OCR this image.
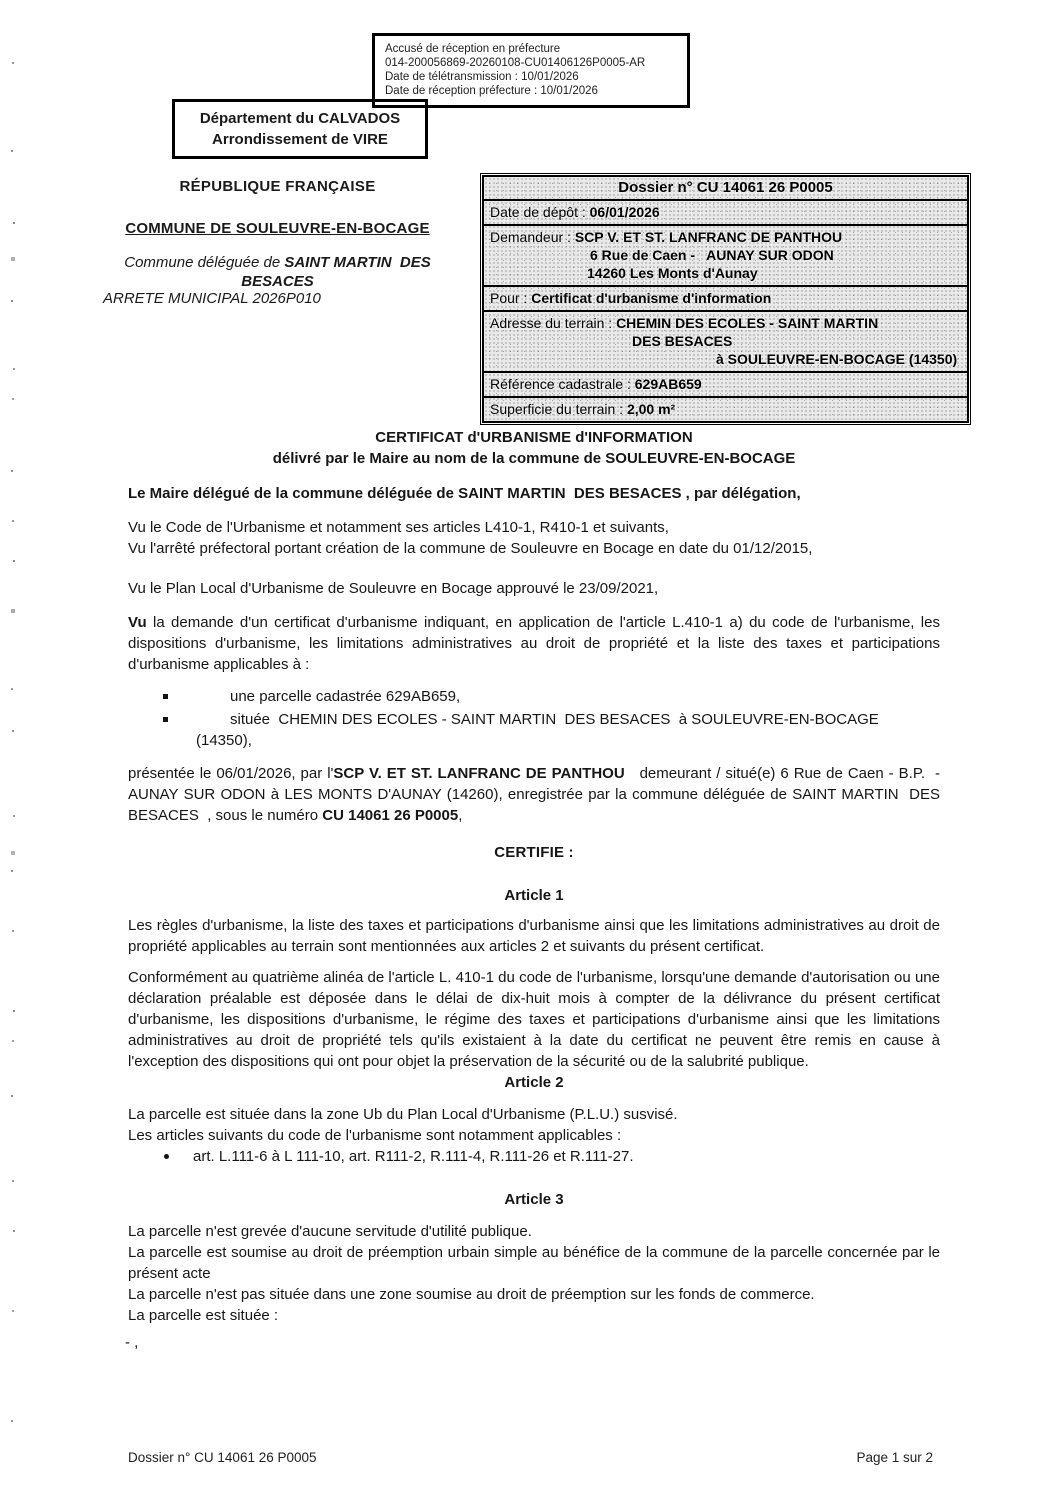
Accusé de réception en préfecture
014-200056869-20260108-CU01406126P0005-AR
Date de télétransmission : 10/01/2026
Date de réception préfecture : 10/01/2026
Département du CALVADOS
Arrondissement de VIRE
RÉPUBLIQUE FRANÇAISE
COMMUNE DE SOULEUVRE-EN-BOCAGE
Commune déléguée de SAINT MARTIN  DES BESACES
ARRETE MUNICIPAL 2026P010
Dossier n° CU 14061 26 P0005
Date de dépôt : 06/01/2026
Demandeur : SCP V. ET ST. LANFRANC DE PANTHOU
6 Rue de Caen -   AUNAY SUR ODON
14260 Les Monts d'Aunay
Pour : Certificat d'urbanisme d'information
Adresse du terrain : CHEMIN DES ECOLES - SAINT MARTIN
DES BESACES
à SOULEUVRE-EN-BOCAGE (14350)
Référence cadastrale : 629AB659
Superficie du terrain : 2,00 m²

CERTIFICAT d'URBANISME d'INFORMATION

délivré par le Maire au nom de la commune de SOULEUVRE-EN-BOCAGE

Le Maire délégué de la commune déléguée de SAINT MARTIN  DES BESACES , par délégation,

Vu le Code de l'Urbanisme et notamment ses articles L410-1, R410-1 et suivants,

Vu l'arrêté préfectoral portant création de la commune de Souleuvre en Bocage en date du 01/12/2015,

Vu le Plan Local d'Urbanisme de Souleuvre en Bocage approuvé le 23/09/2021,

Vu la demande d'un certificat d'urbanisme indiquant, en application de l'article L.410-1 a) du code de l'urbanisme, les dispositions d'urbanisme, les limitations administratives au droit de propriété et la liste des taxes et participations d'urbanisme applicables à :

une parcelle cadastrée 629AB659,
située  CHEMIN DES ECOLES - SAINT MARTIN  DES BESACES  à SOULEUVRE-EN-BOCAGE
(14350),

présentée le 06/01/2026, par l'SCP V. ET ST. LANFRANC DE PANTHOU   demeurant / situé(e) 6 Rue de Caen - B.P.  - AUNAY SUR ODON à LES MONTS D'AUNAY (14260), enregistrée par la commune déléguée de SAINT MARTIN  DES BESACES  , sous le numéro CU 14061 26 P0005,

CERTIFIE :

Article 1

Les règles d'urbanisme, la liste des taxes et participations d'urbanisme ainsi que les limitations administratives au droit de propriété applicables au terrain sont mentionnées aux articles 2 et suivants du présent certificat.

Conformément au quatrième alinéa de l'article L. 410-1 du code de l'urbanisme, lorsqu'une demande d'autorisation ou une déclaration préalable est déposée dans le délai de dix-huit mois à compter de la délivrance du présent certificat d'urbanisme, les dispositions d'urbanisme, le régime des taxes et participations d'urbanisme ainsi que les limitations administratives au droit de propriété tels qu'ils existaient à la date du certificat ne peuvent être remis en cause à l'exception des dispositions qui ont pour objet la préservation de la sécurité ou de la salubrité publique.

Article 2

La parcelle est située dans la zone Ub du Plan Local d'Urbanisme (P.L.U.) susvisé.

Les articles suivants du code de l'urbanisme sont notamment applicables :

art. L.111-6 à L 111-10, art. R111-2, R.111-4, R.111-26 et R.111-27.

Article 3

La parcelle n'est grevée d'aucune servitude d'utilité publique.

La parcelle est soumise au droit de préemption urbain simple au bénéfice de la commune de la parcelle concernée par le présent acte

La parcelle n'est pas située dans une zone soumise au droit de préemption sur les fonds de commerce.

La parcelle est située :

- ,

Dossier n° CU 14061 26 P0005	Page 1 sur 2
